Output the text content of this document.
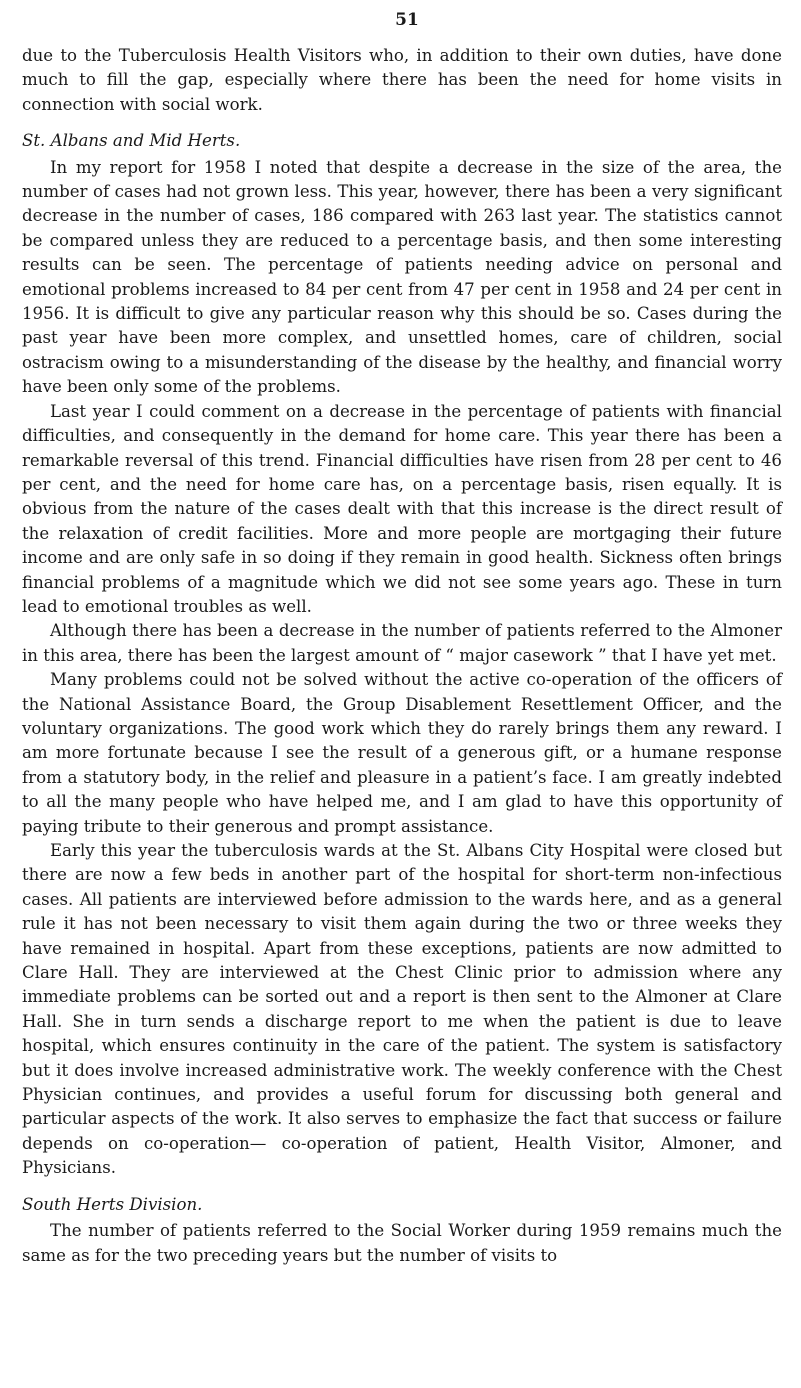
51

due to the Tuberculosis Health Visitors who, in addition to their own duties, have done much to fill the gap, especially where there has been the need for home visits in connection with social work.

St. Albans and Mid Herts.

In my report for 1958 I noted that despite a decrease in the size of the area, the number of cases had not grown less. This year, however, there has been a very significant decrease in the number of cases, 186 compared with 263 last year. The statistics cannot be compared unless they are reduced to a percentage basis, and then some interesting results can be seen. The percentage of patients needing advice on personal and emotional problems increased to 84 per cent from 47 per cent in 1958 and 24 per cent in 1956. It is difficult to give any particular reason why this should be so. Cases during the past year have been more complex, and unsettled homes, care of children, social ostracism owing to a misunderstanding of the disease by the healthy, and financial worry have been only some of the problems.

Last year I could comment on a decrease in the percentage of patients with financial difficulties, and consequently in the demand for home care. This year there has been a remarkable reversal of this trend. Financial difficulties have risen from 28 per cent to 46 per cent, and the need for home care has, on a percentage basis, risen equally. It is obvious from the nature of the cases dealt with that this increase is the direct result of the relaxation of credit facilities. More and more people are mortgaging their future income and are only safe in so doing if they remain in good health. Sickness often brings financial problems of a magnitude which we did not see some years ago. These in turn lead to emotional troubles as well.

Although there has been a decrease in the number of patients referred to the Almoner in this area, there has been the largest amount of “ major casework ” that I have yet met.

Many problems could not be solved without the active co-operation of the officers of the National Assistance Board, the Group Disablement Resettlement Officer, and the voluntary organizations. The good work which they do rarely brings them any reward. I am more fortunate because I see the result of a generous gift, or a humane response from a statutory body, in the relief and pleasure in a patient’s face. I am greatly indebted to all the many people who have helped me, and I am glad to have this opportunity of paying tribute to their generous and prompt assistance.

Early this year the tuberculosis wards at the St. Albans City Hospital were closed but there are now a few beds in another part of the hospital for short-term non-infectious cases. All patients are interviewed before admission to the wards here, and as a general rule it has not been necessary to visit them again during the two or three weeks they have remained in hospital. Apart from these exceptions, patients are now admitted to Clare Hall. They are interviewed at the Chest Clinic prior to admission where any immediate problems can be sorted out and a report is then sent to the Almoner at Clare Hall. She in turn sends a discharge report to me when the patient is due to leave hospital, which ensures continuity in the care of the patient. The system is satisfactory but it does involve increased administrative work. The weekly conference with the Chest Physician continues, and provides a useful forum for discussing both general and particular aspects of the work. It also serves to emphasize the fact that success or failure depends on co-operation— co-operation of patient, Health Visitor, Almoner, and Physicians.

South Herts Division.

The number of patients referred to the Social Worker during 1959 remains much the same as for the two preceding years but the number of visits to
